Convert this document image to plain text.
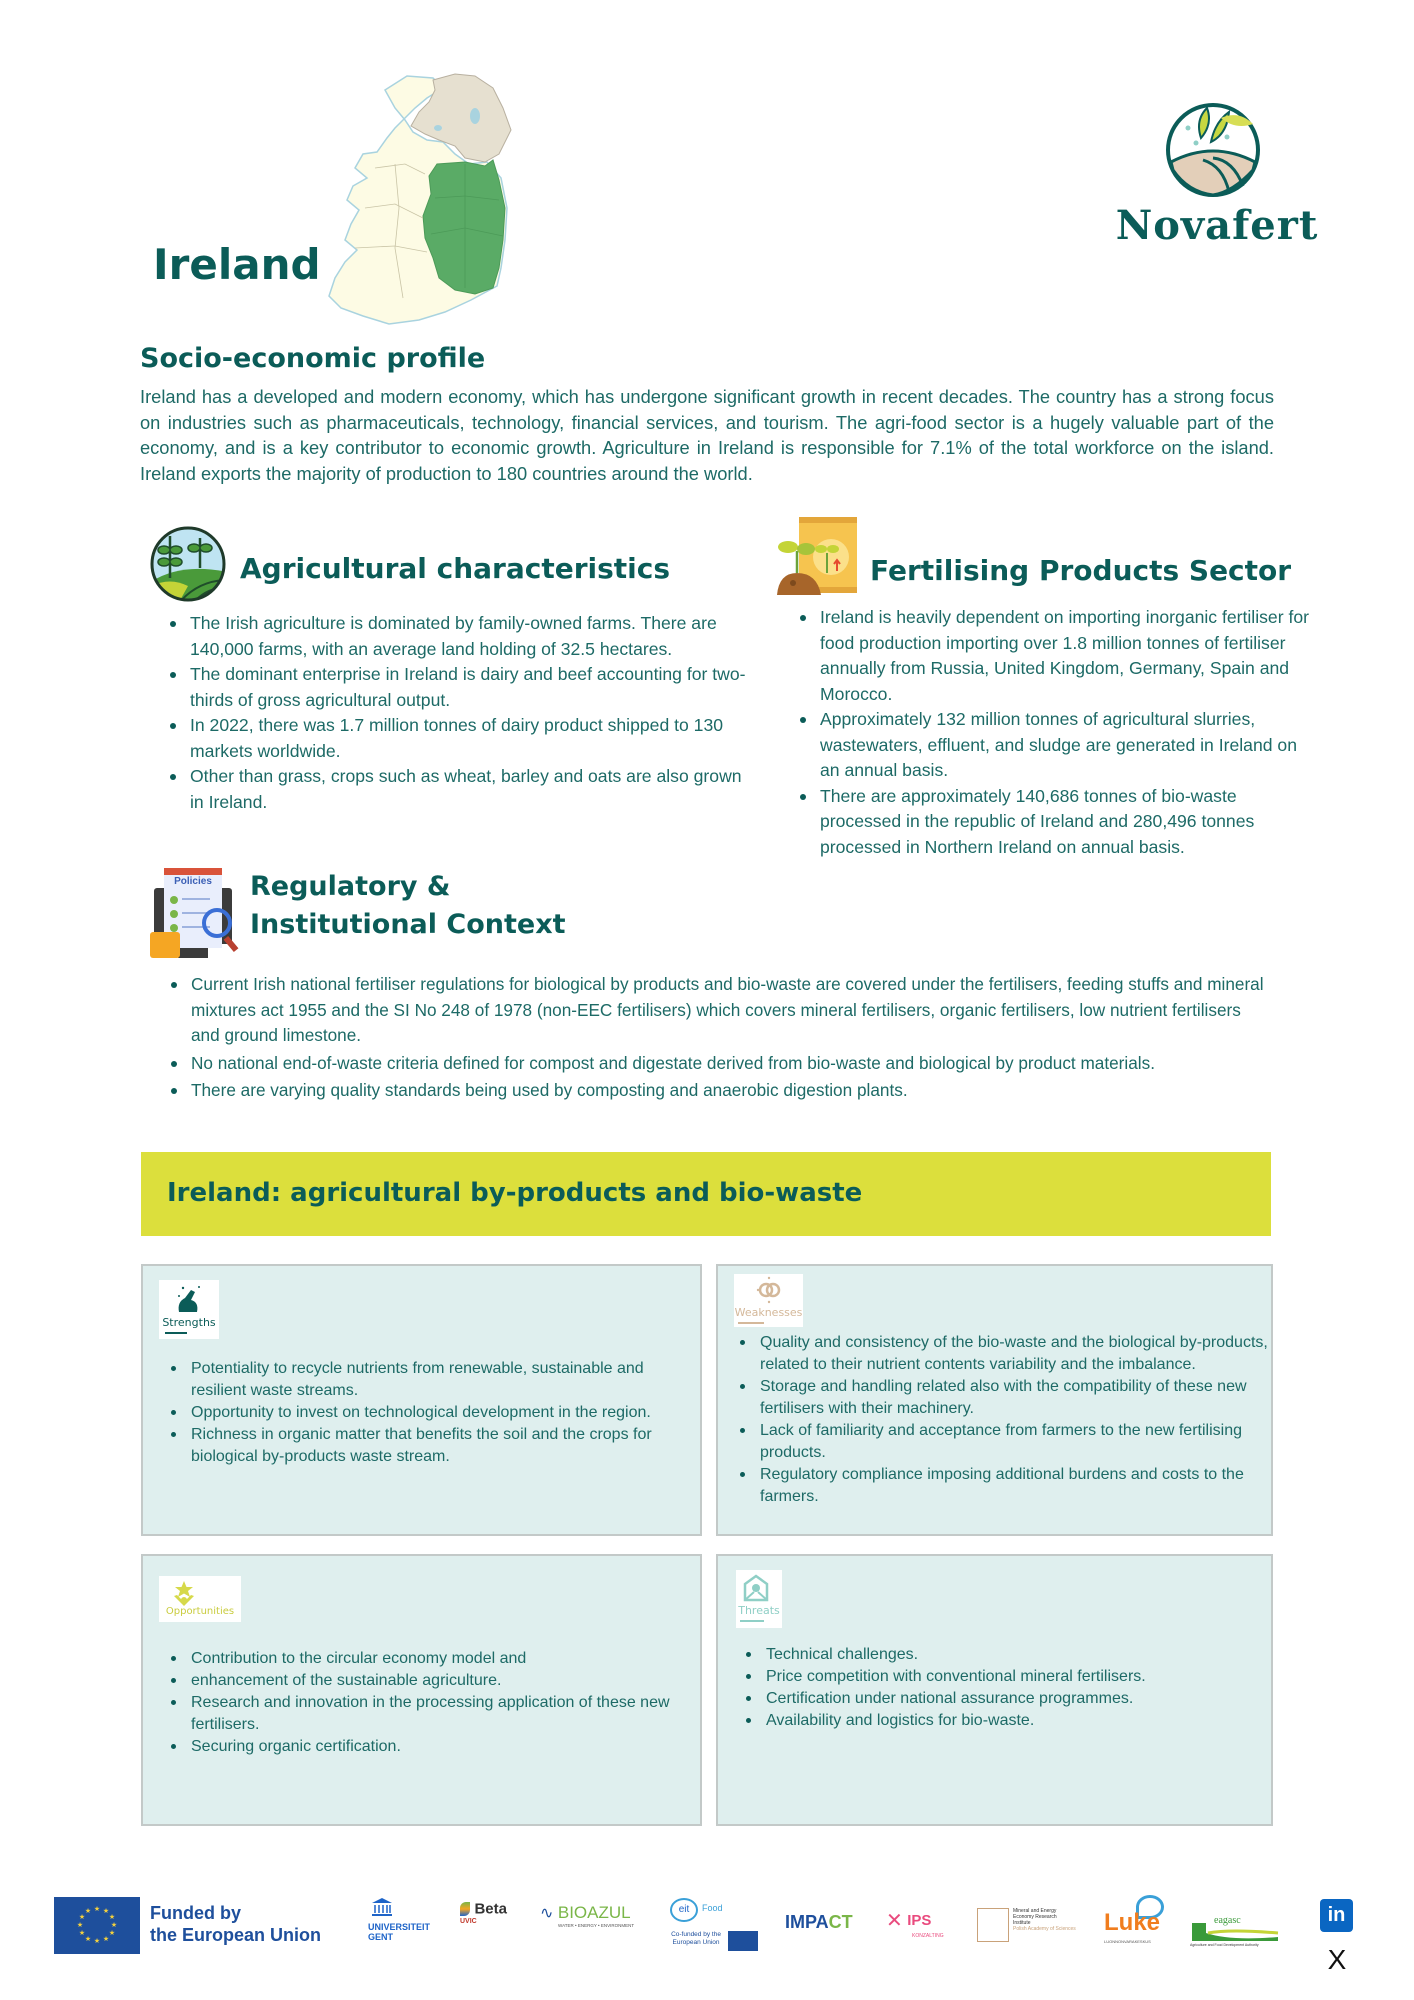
Ireland
Novafert
Socio-economic profile
Ireland has a developed and modern economy, which has undergone significant growth in recent decades. The country has a strong focus on industries such as pharmaceuticals, technology, financial services, and tourism. The agri-food sector is a hugely valuable part of the economy, and is a key contributor to economic growth. Agriculture in Ireland is responsible for 7.1% of the total workforce on the island. Ireland exports the majority of production to 180 countries around the world.
Agricultural characteristics
The Irish agriculture is dominated by family-owned farms. There are 140,000 farms, with an average land holding of 32.5 hectares.
The dominant enterprise in Ireland is dairy and beef accounting for two-thirds of gross agricultural output.
In 2022, there was 1.7 million tonnes of dairy product shipped to 130 markets worldwide.
Other than grass, crops such as wheat, barley and oats are also grown in Ireland.
Fertilising Products Sector
Ireland is heavily dependent on importing inorganic fertiliser for food production importing over 1.8 million tonnes of fertiliser annually from Russia, United Kingdom, Germany, Spain and Morocco.
Approximately 132 million tonnes of agricultural slurries, wastewaters, effluent, and sludge are generated in Ireland on an annual basis.
There are approximately 140,686 tonnes of bio-waste processed in the republic of Ireland and 280,496 tonnes processed in Northern Ireland on annual basis.
Policies Regulatory &
Institutional Context
Current Irish national fertiliser regulations for biological by products and bio-waste are covered under the fertilisers, feeding stuffs and mineral mixtures act 1955 and the SI No 248 of 1978 (non-EEC fertilisers) which covers mineral fertilisers, organic fertilisers, low nutrient fertilisers and ground limestone.
No national end-of-waste criteria defined for compost and digestate derived from bio-waste and biological by product materials.
There are varying quality standards being used by composting and anaerobic digestion plants.
Ireland: agricultural by-products and bio-waste
Strengths
Potentiality to recycle nutrients from renewable, sustainable and resilient waste streams.
Opportunity to invest on technological development in the region.
Richness in organic matter that benefits the soil and the crops for biological by-products waste stream.
Weaknesses
Quality and consistency of the bio-waste and the biological by-products, related to their nutrient contents variability and the imbalance.
Storage and handling related also with the compatibility of these new fertilisers with their machinery.
Lack of familiarity and acceptance from farmers to the new fertilising products.
Regulatory compliance imposing additional burdens and costs to the farmers.
Opportunities
Contribution to the circular economy model and
enhancement of the sustainable agriculture.
Research and innovation in the processing application of these new fertilisers.
Securing organic certification.
Threats
Technical challenges.
Price competition with conventional mineral fertilisers.
Certification under national assurance programmes.
Availability and logistics for bio-waste.
★ ★
★
★
★
★
★
★
★
★
★
★	Funded by
the European Union	UNIVERSITEIT
GENT
Beta
UVIC	∿ BIOAZUL
WATER • ENERGY • ENVIRONMENT
eit	Food
Co-funded by the
European Union
IMPACT ✕ IPS
KONZALTING
Mineral and Energy
Economy Research
Institute
Polish Academy of Sciences Luke
LUONNONVARAKESKUS
eagasc
Agriculture and Food Development Authority
in
X
